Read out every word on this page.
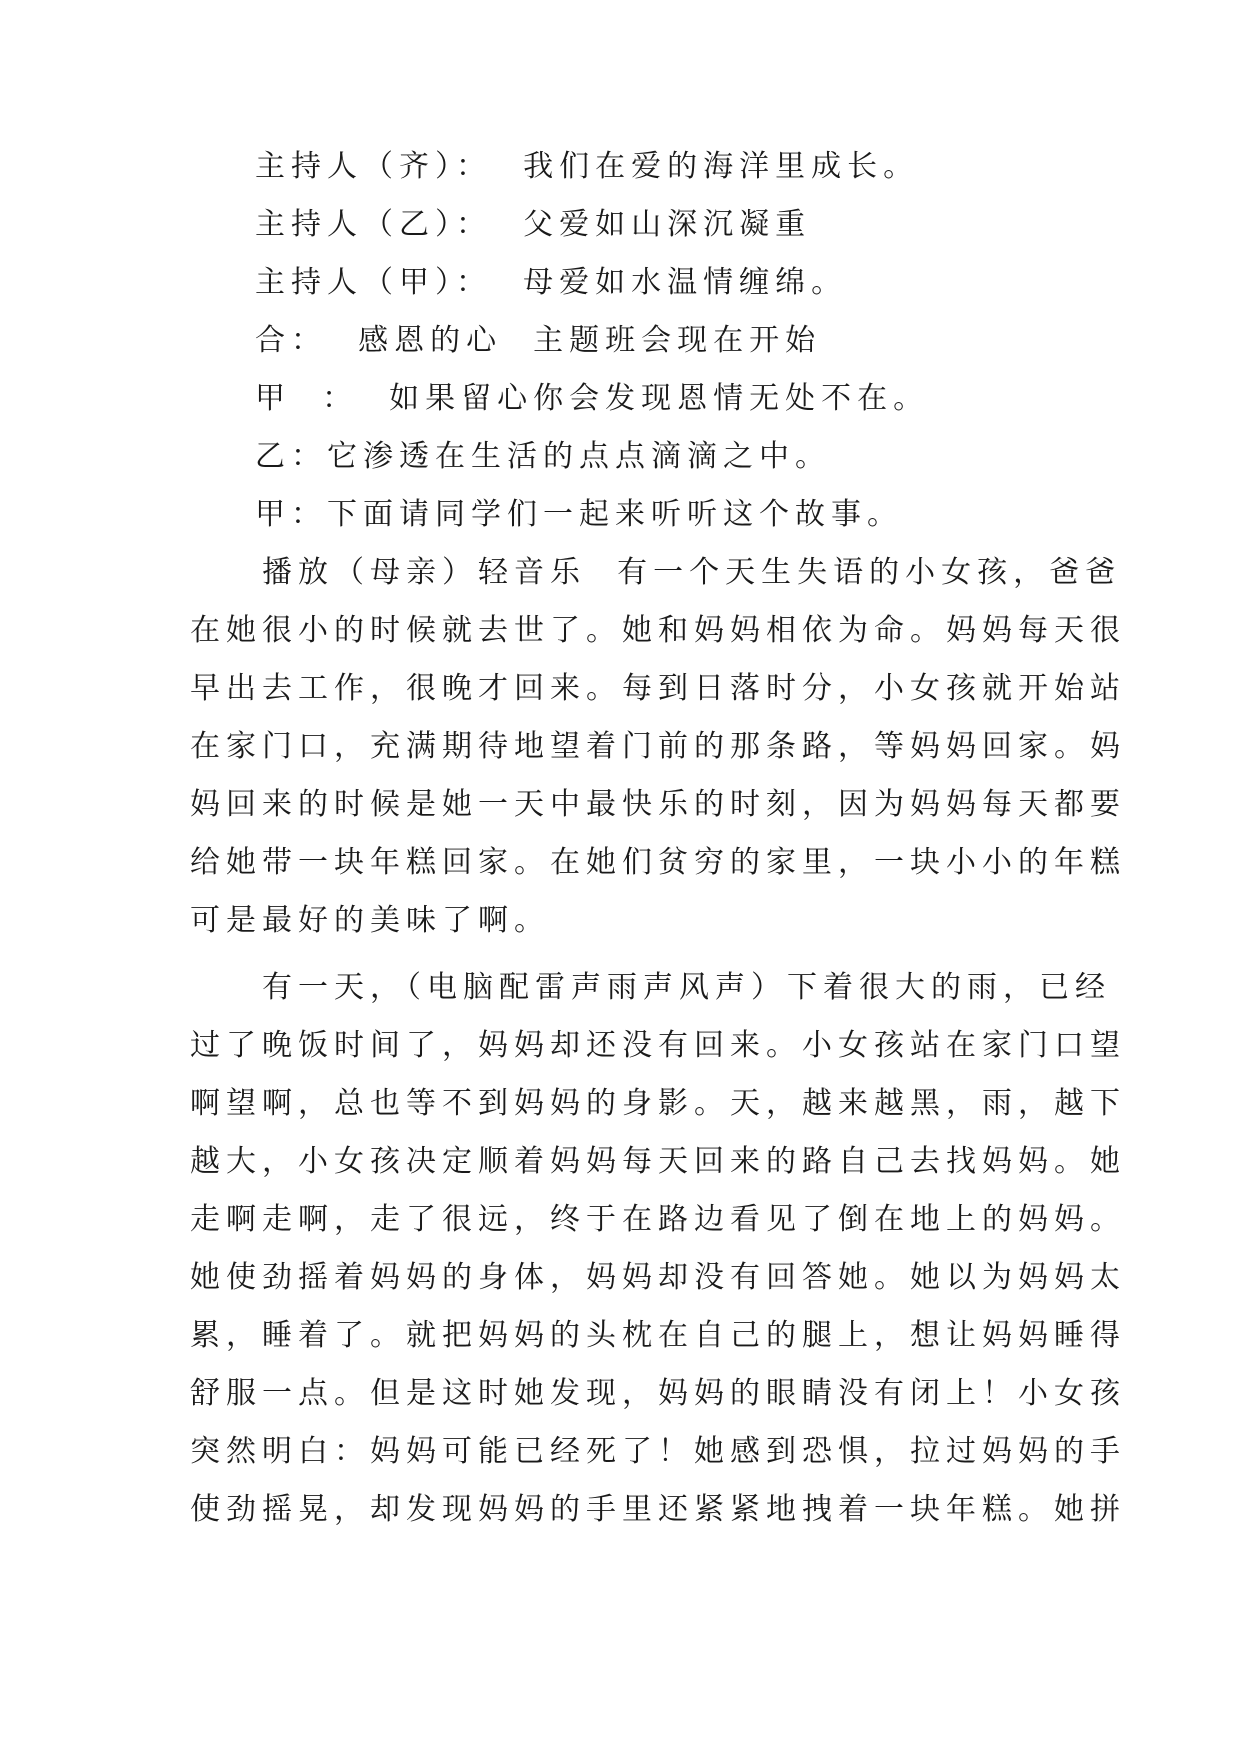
主持人（齐）：  我们在爱的海洋里成长。
主持人（乙）：  父爱如山深沉凝重
主持人（甲）：  母爱如水温情缠绵。
合：  感恩的心  主题班会现在开始
甲  ：  如果留心你会发现恩情无处不在。
乙：它渗透在生活的点点滴滴之中。
甲：下面请同学们一起来听听这个故事。
　　播放（母亲）轻音乐  有一个天生失语的小女孩，爸爸
在她很小的时候就去世了。她和妈妈相依为命。妈妈每天很
早出去工作，很晚才回来。每到日落时分，小女孩就开始站
在家门口，充满期待地望着门前的那条路，等妈妈回家。妈
妈回来的时候是她一天中最快乐的时刻，因为妈妈每天都要
给她带一块年糕回家。在她们贫穷的家里，一块小小的年糕
可是最好的美味了啊。
　　有一天，（电脑配雷声雨声风声）下着很大的雨，已经
过了晚饭时间了，妈妈却还没有回来。小女孩站在家门口望
啊望啊，总也等不到妈妈的身影。天，越来越黑，雨，越下
越大，小女孩决定顺着妈妈每天回来的路自己去找妈妈。她
走啊走啊，走了很远，终于在路边看见了倒在地上的妈妈。
她使劲摇着妈妈的身体，妈妈却没有回答她。她以为妈妈太
累，睡着了。就把妈妈的头枕在自己的腿上，想让妈妈睡得
舒服一点。但是这时她发现，妈妈的眼睛没有闭上！小女孩
突然明白：妈妈可能已经死了！她感到恐惧，拉过妈妈的手
使劲摇晃，却发现妈妈的手里还紧紧地拽着一块年糕。她拼
